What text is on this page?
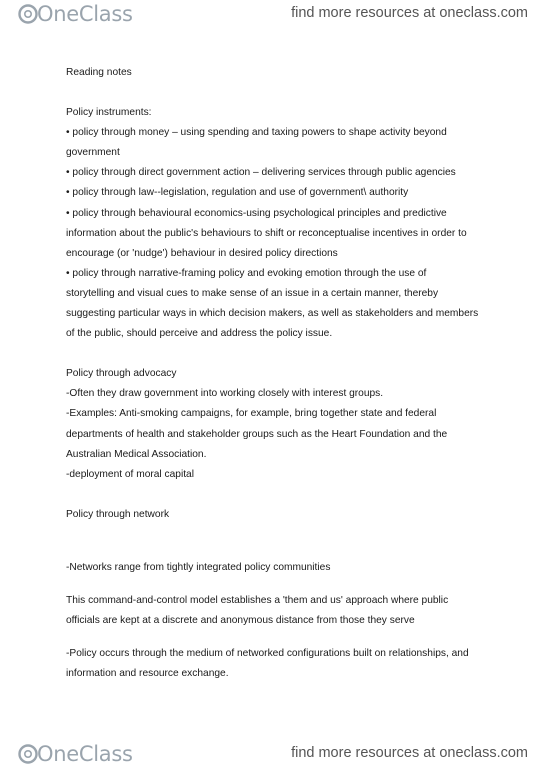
OneClass	find more resources at oneclass.com
Reading notes
Policy instruments:
• policy through money – using spending and taxing powers to shape activity beyond
government
• policy through direct government action – delivering services through public agencies
• policy through law--legislation, regulation and use of government\ authority
• policy through behavioural economics-using psychological principles and predictive
information about the public's behaviours to shift or reconceptualise incentives in order to
encourage (or 'nudge') behaviour in desired policy directions
• policy through narrative-framing policy and evoking emotion through the use of
storytelling and visual cues to make sense of an issue in a certain manner, thereby
suggesting particular ways in which decision makers, as well as stakeholders and members
of the public, should perceive and address the policy issue.
Policy through advocacy
-Often they draw government into working closely with interest groups.
-Examples: Anti-smoking campaigns, for example, bring together state and federal
departments of health and stakeholder groups such as the Heart Foundation and the
Australian Medical Association.
-deployment of moral capital
Policy through network
-Networks range from tightly integrated policy communities
This command-and-control model establishes a 'them and us' approach where public
officials are kept at a discrete and anonymous distance from those they serve
-Policy occurs through the medium of networked configurations built on relationships, and
information and resource exchange.
OneClass	find more resources at oneclass.com
